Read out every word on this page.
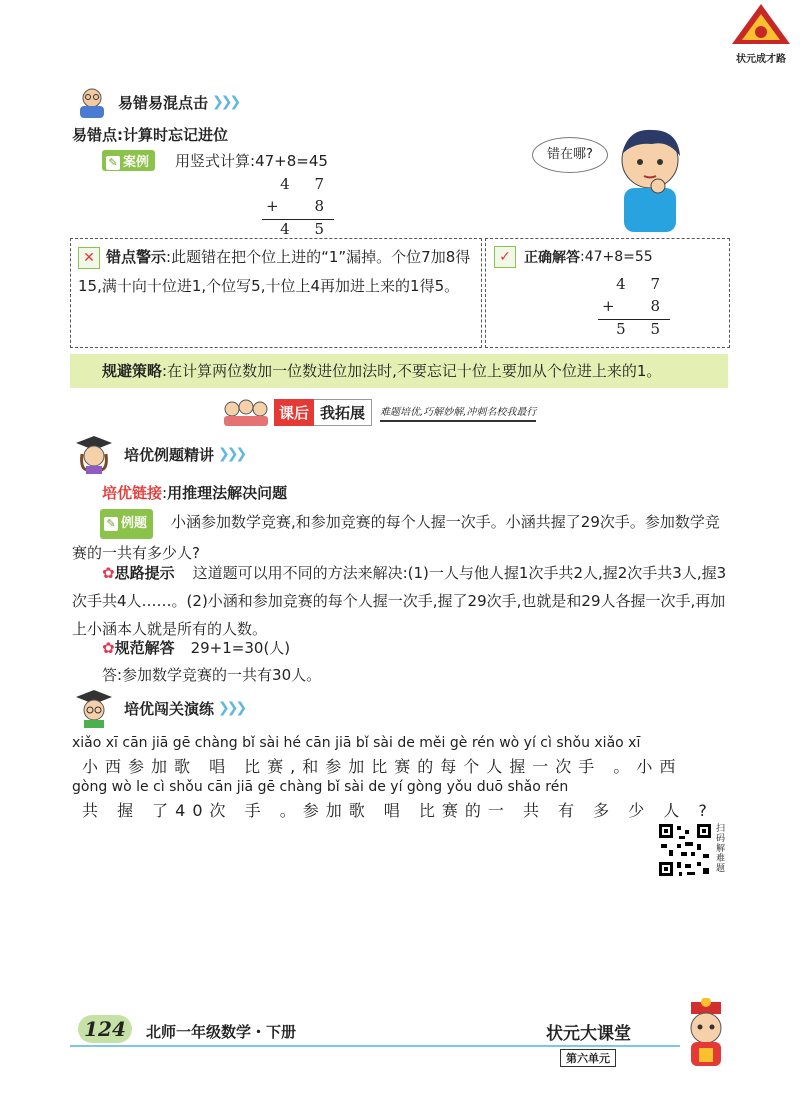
状元成才路
易错易混点击 ❯❯❯
易错点:计算时忘记进位
✎ 案例	用竖式计算:47+8=45
4 7
+ 8
4 5
错在哪?
✕ 错点警示:此题错在把个位上进的“1”漏掉。个位7加8得15,满十向十位进1,个位写5,十位上4再加进上来的1得5。
✓ 正确解答 : 47+8=55
4 7
+ 8
5 5
规避策略:在计算两位数加一位数进位加法时,不要忘记十位上要加从个位进上来的1。
课后 我拓展	难题培优,巧解妙解,冲刺名校我最行
培优例题精讲 ❯❯❯
培优链接:用推理法解决问题
✎ 例题 小涵参加数学竞赛,和参加竞赛的每个人握一次手。小涵共握了29次手。参加数学竞赛的一共有多少人?
✿思路提示 这道题可以用不同的方法来解决:(1)一人与他人握1次手共2人,握2次手共3人,握3次手共4人……。(2)小涵和参加竞赛的每个人握一次手,握了29次手,也就是和29人各握一次手,再加上小涵本人就是所有的人数。
✿规范解答 29+1=30(人)
答:参加数学竞赛的一共有30人。
培优闯关演练 ❯❯❯
xiǎo xī cān jiā gē chàng bǐ sài hé cān jiā bǐ sài de měi gè rén wò yí cì shǒu xiǎo xī
小西参加歌 唱 比赛,和参加比赛的每个人握一次手 。小西
gòng wò le cì shǒu cān jiā gē chàng bǐ sài de yí gòng yǒu duō shǎo rén
共 握 了40次 手 。参加歌 唱 比赛的一 共 有 多 少 人 ?
扫码解难题
124	北师一年级数学・下册	状元大课堂
第六单元
